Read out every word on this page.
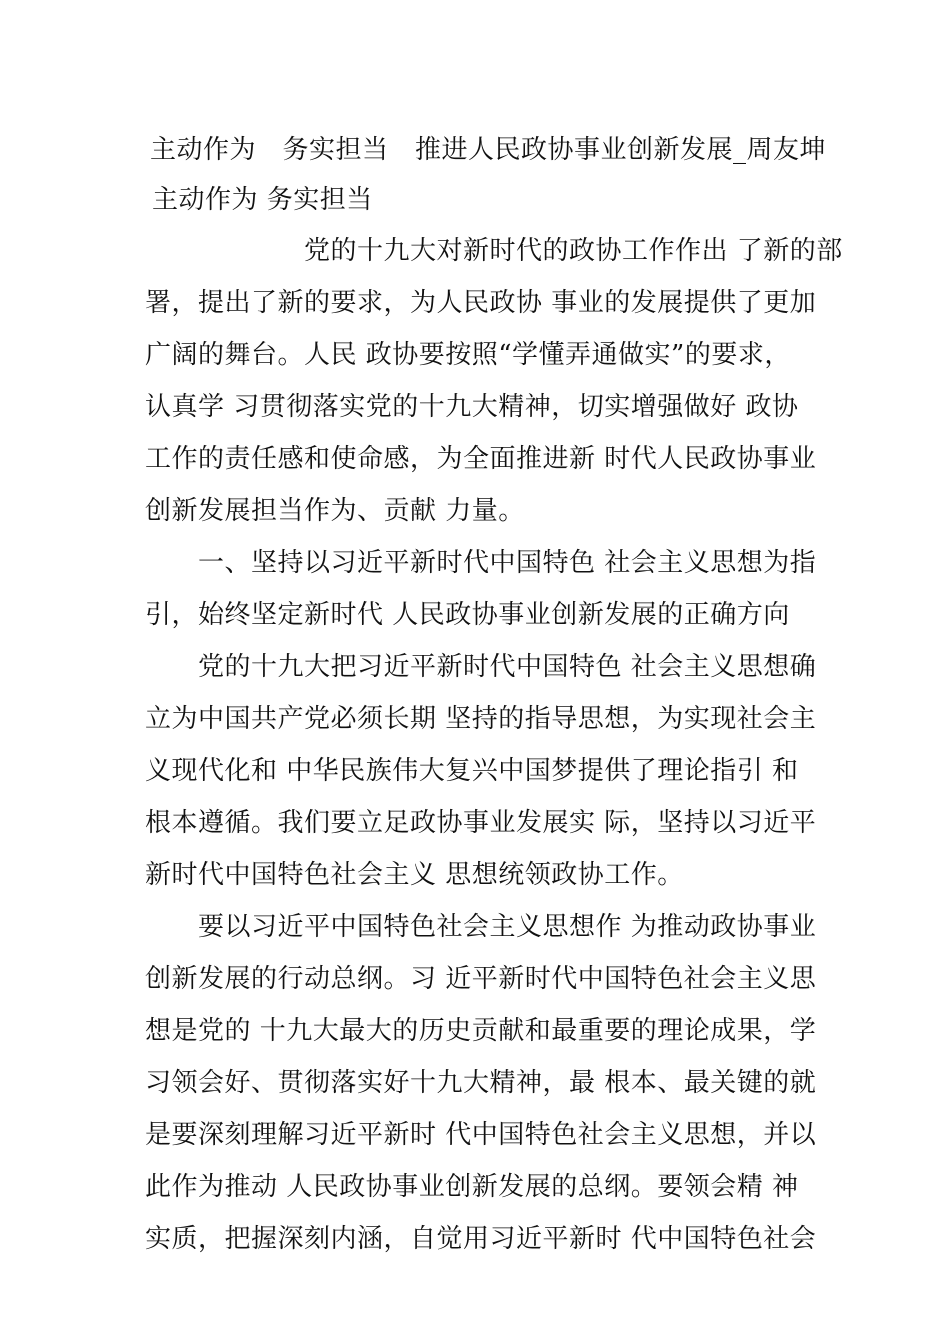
主动作为　务实担当　推进人民政协事业创新发展_周友坤
主动作为 务实担当
　　　　　　党的十九大对新时代的政协工作作出 了新的部
署，提出了新的要求，为人民政协 事业的发展提供了更加
广阔的舞台。人民 政协要按照“学懂弄通做实”的要求，
认真学 习贯彻落实党的十九大精神，切实增强做好 政协
工作的责任感和使命感，为全面推进新 时代人民政协事业
创新发展担当作为、贡献 力量。
　　一、坚持以习近平新时代中国特色 社会主义思想为指
引，始终坚定新时代 人民政协事业创新发展的正确方向
　　党的十九大把习近平新时代中国特色 社会主义思想确
立为中国共产党必须长期 坚持的指导思想，为实现社会主
义现代化和 中华民族伟大复兴中国梦提供了理论指引 和
根本遵循。我们要立足政协事业发展实 际，坚持以习近平
新时代中国特色社会主义 思想统领政协工作。
　　要以习近平中国特色社会主义思想作 为推动政协事业
创新发展的行动总纲。习 近平新时代中国特色社会主义思
想是党的 十九大最大的历史贡献和最重要的理论成果，学
习领会好、贯彻落实好十九大精神，最 根本、最关键的就
是要深刻理解习近平新时 代中国特色社会主义思想，并以
此作为推动 人民政协事业创新发展的总纲。要领会精 神
实质，把握深刻内涵，自觉用习近平新时 代中国特色社会
